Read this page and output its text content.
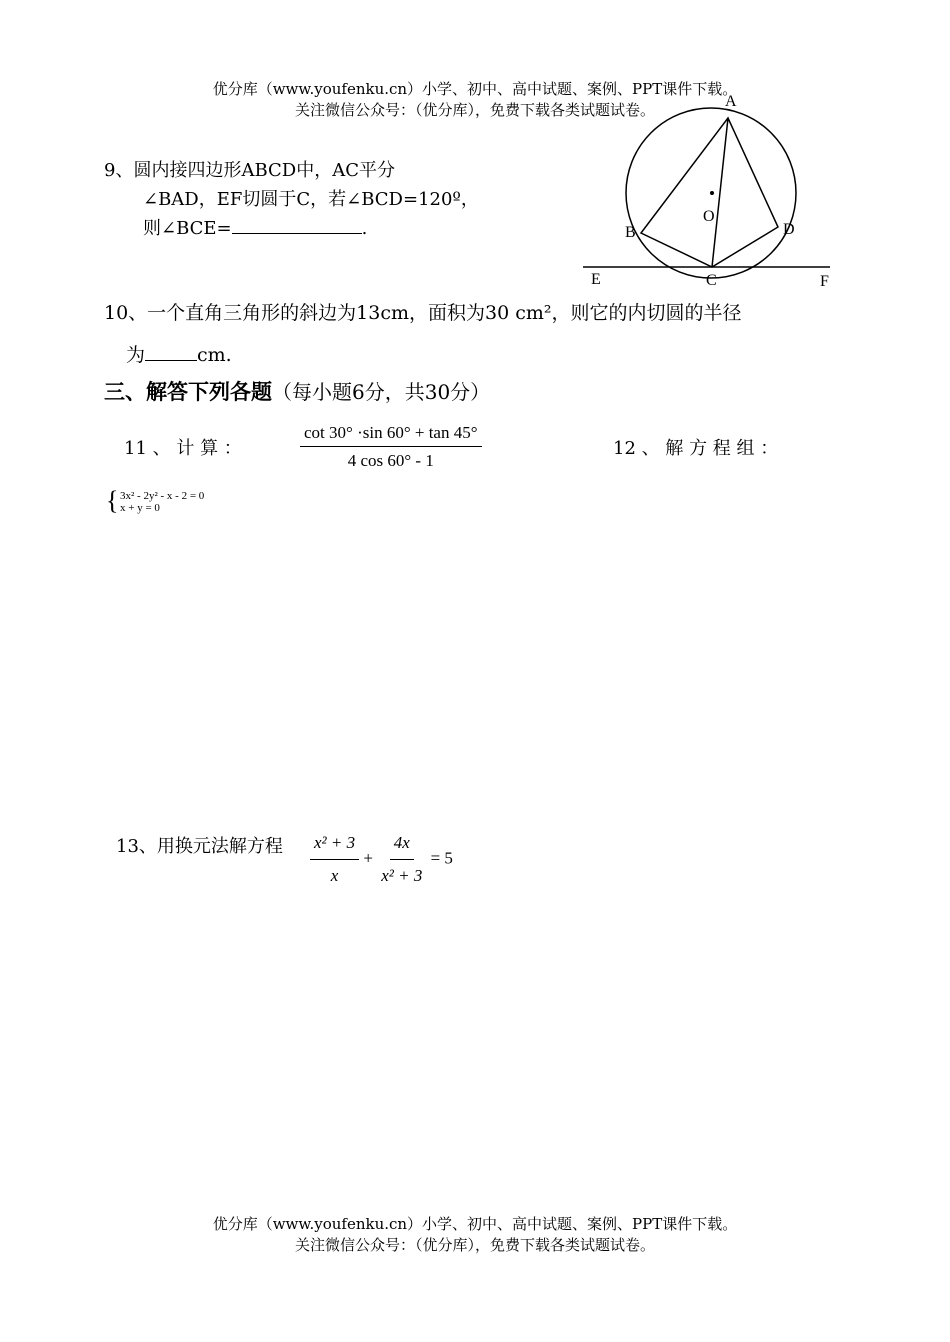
优分库（www.youfenku.cn）小学、初中、高中试题、案例、PPT课件下载。
关注微信公众号：（优分库），免费下载各类试题试卷。	A
B
C
D
E	F
O
9、圆内接四边形ABCD中，AC平分
∠BAD，EF切圆于C，若∠BCD=120º，
则∠BCE=	.
10、一个直角三角形的斜边为13cm，面积为30 cm²，则它的内切圆的半径
为	cm.
三、解答下列各题（每小题6分，共30分）
11 、 计 算 ：	$\frac{\cot 30^\circ \cdot\sin 60^\circ + \tan 45^\circ}{4 \cos 60^\circ - 1}$	12 、 解 方 程 组 ：
{ 3x² - 2y² - x - 2 = 0
x + y = 0
13、用换元法解方程 $\frac{\text{x² + 3}}{x} + \frac{4x}{\text{x² + 3}} = 5$
优分库（www.youfenku.cn）小学、初中、高中试题、案例、PPT课件下载。
关注微信公众号：（优分库），免费下载各类试题试卷。
